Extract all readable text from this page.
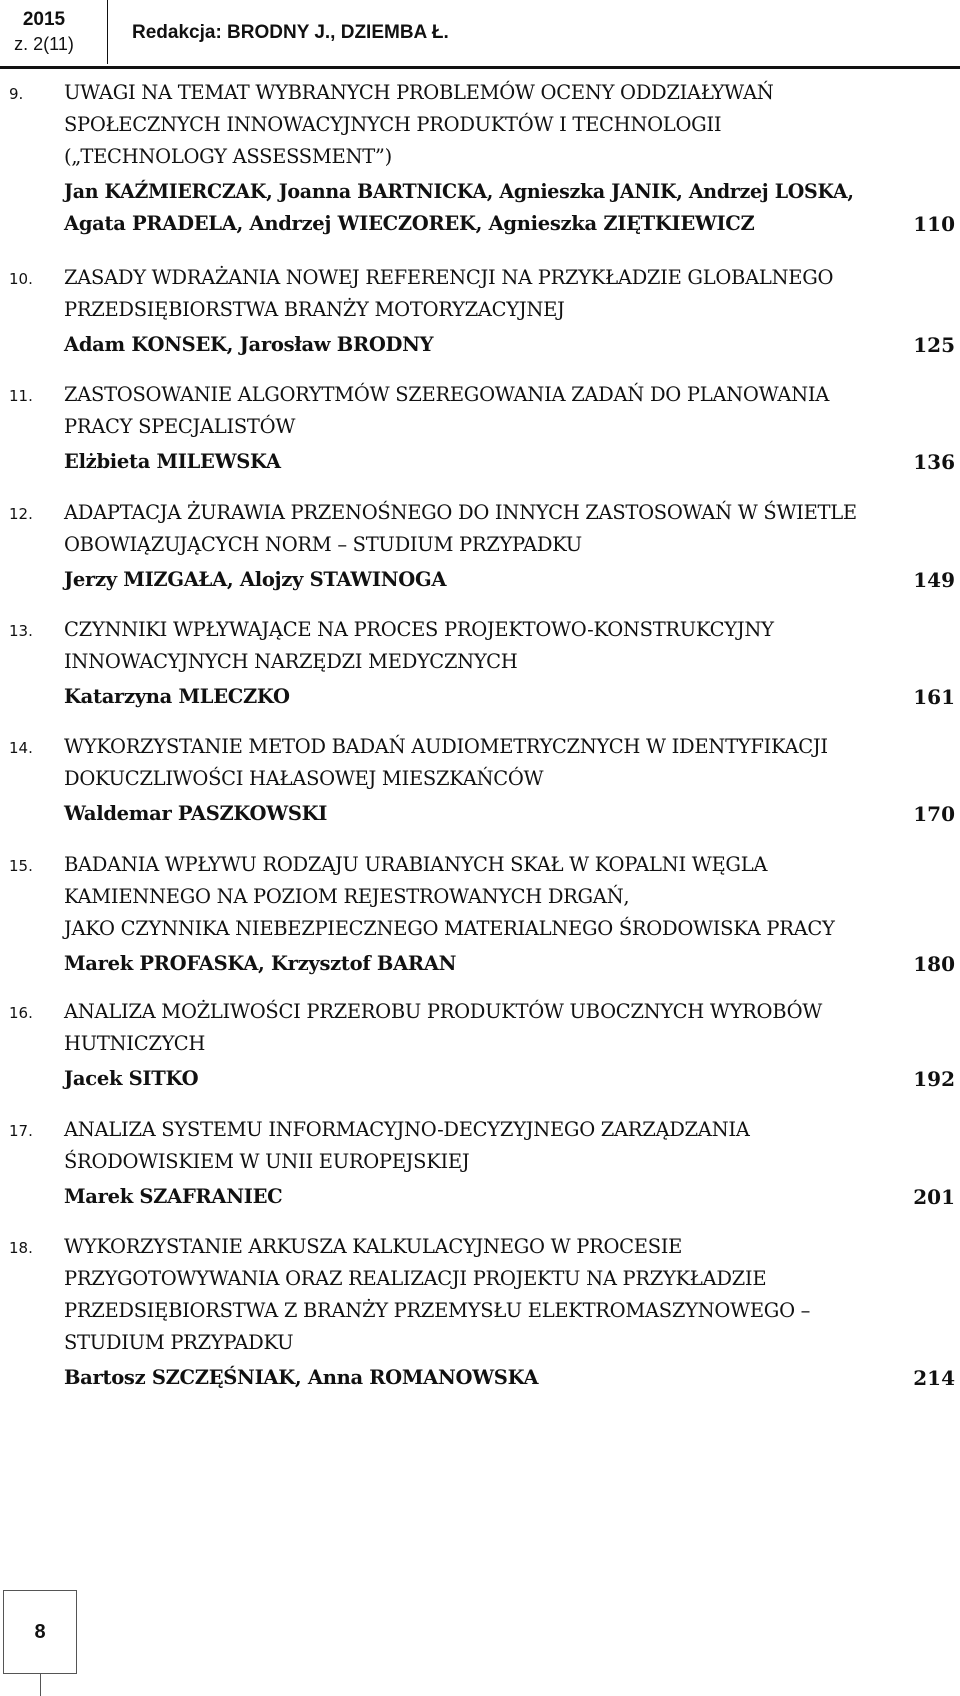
2015
z. 2(11)
Redakcja: BRODNY J., DZIEMBA Ł.
9. UWAGI NA TEMAT WYBRANYCH PROBLEMÓW OCENY ODDZIAŁYWAŃ
SPOŁECZNYCH INNOWACYJNYCH PRODUKTÓW I TECHNOLOGII
(„TECHNOLOGY ASSESSMENT”)
Jan KAŹMIERCZAK, Joanna BARTNICKA, Agnieszka JANIK, Andrzej LOSKA,
Agata PRADELA, Andrzej WIECZOREK, Agnieszka ZIĘTKIEWICZ	110
10. ZASADY WDRAŻANIA NOWEJ REFERENCJI NA PRZYKŁADZIE GLOBALNEGO
PRZEDSIĘBIORSTWA BRANŻY MOTORYZACYJNEJ
Adam KONSEK, Jarosław BRODNY	125
11. ZASTOSOWANIE ALGORYTMÓW SZEREGOWANIA ZADAŃ DO PLANOWANIA
PRACY SPECJALISTÓW
Elżbieta MILEWSKA	136
12. ADAPTACJA ŻURAWIA PRZENOŚNEGO DO INNYCH ZASTOSOWAŃ W ŚWIETLE
OBOWIĄZUJĄCYCH NORM – STUDIUM PRZYPADKU
Jerzy MIZGAŁA, Alojzy STAWINOGA	149
13. CZYNNIKI WPŁYWAJĄCE NA PROCES PROJEKTOWO-KONSTRUKCYJNY
INNOWACYJNYCH NARZĘDZI MEDYCZNYCH
Katarzyna MLECZKO	161
14. WYKORZYSTANIE METOD BADAŃ AUDIOMETRYCZNYCH W IDENTYFIKACJI
DOKUCZLIWOŚCI HAŁASOWEJ MIESZKAŃCÓW
Waldemar PASZKOWSKI	170
15. BADANIA WPŁYWU RODZAJU URABIANYCH SKAŁ W KOPALNI WĘGLA
KAMIENNEGO NA POZIOM REJESTROWANYCH DRGAŃ,
JAKO CZYNNIKA NIEBEZPIECZNEGO MATERIALNEGO ŚRODOWISKA PRACY
Marek PROFASKA, Krzysztof BARAN	180
16. ANALIZA MOŻLIWOŚCI PRZEROBU PRODUKTÓW UBOCZNYCH WYROBÓW
HUTNICZYCH
Jacek SITKO	192
17. ANALIZA SYSTEMU INFORMACYJNO-DECYZYJNEGO ZARZĄDZANIA
ŚRODOWISKIEM W UNII EUROPEJSKIEJ
Marek SZAFRANIEC	201
18. WYKORZYSTANIE ARKUSZA KALKULACYJNEGO W PROCESIE
PRZYGOTOWYWANIA ORAZ REALIZACJI PROJEKTU NA PRZYKŁADZIE
PRZEDSIĘBIORSTWA Z BRANŻY PRZEMYSŁU ELEKTROMASZYNOWEGO –
STUDIUM PRZYPADKU
Bartosz SZCZĘŚNIAK, Anna ROMANOWSKA	214
8
